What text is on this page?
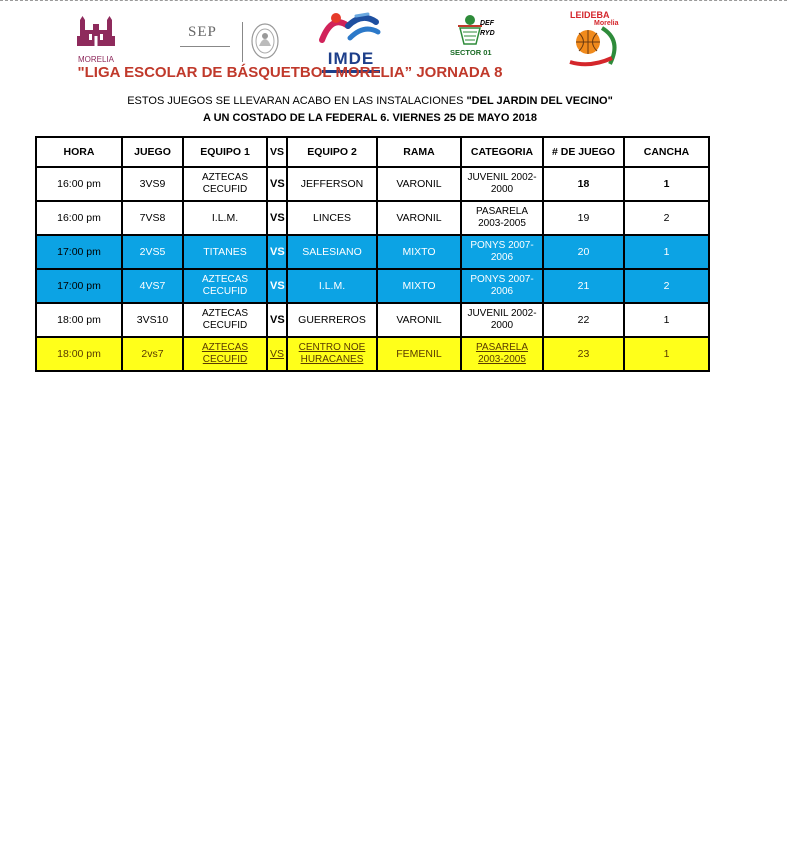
MORELIA
SEP
IMDE
DEF
RYD
SECTOR 01
LEIDEBA
Morelia
"LIGA ESCOLAR DE BÁSQUETBOL MORELIA” JORNADA 8
ESTOS JUEGOS SE LLEVARAN ACABO EN LAS INSTALACIONES "DEL JARDIN DEL VECINO"
A UN COSTADO DE LA FEDERAL 6. VIERNES 25 DE MAYO 2018
HORA	JUEGO	EQUIPO 1	VS	EQUIPO 2	RAMA	CATEGORIA	# DE JUEGO	CANCHA
16:00 pm	3VS9	AZTECAS CECUFID	VS	JEFFERSON	VARONIL	JUVENIL 2002-2000	18	1
16:00 pm	7VS8	I.L.M.	VS	LINCES	VARONIL	PASARELA 2003-2005	19	2
17:00 pm	2VS5	TITANES	VS	SALESIANO	MIXTO	PONYS 2007-2006	20	1
17:00 pm	4VS7	AZTECAS CECUFID	VS	I.L.M.	MIXTO	PONYS 2007-2006	21	2
18:00 pm	3VS10	AZTECAS CECUFID	VS	GUERREROS	VARONIL	JUVENIL 2002-2000	22	1
18:00 pm	2vs7	AZTECAS CECUFID	VS	CENTRO NOE HURACANES	FEMENIL	PASARELA 2003-2005	23	1
